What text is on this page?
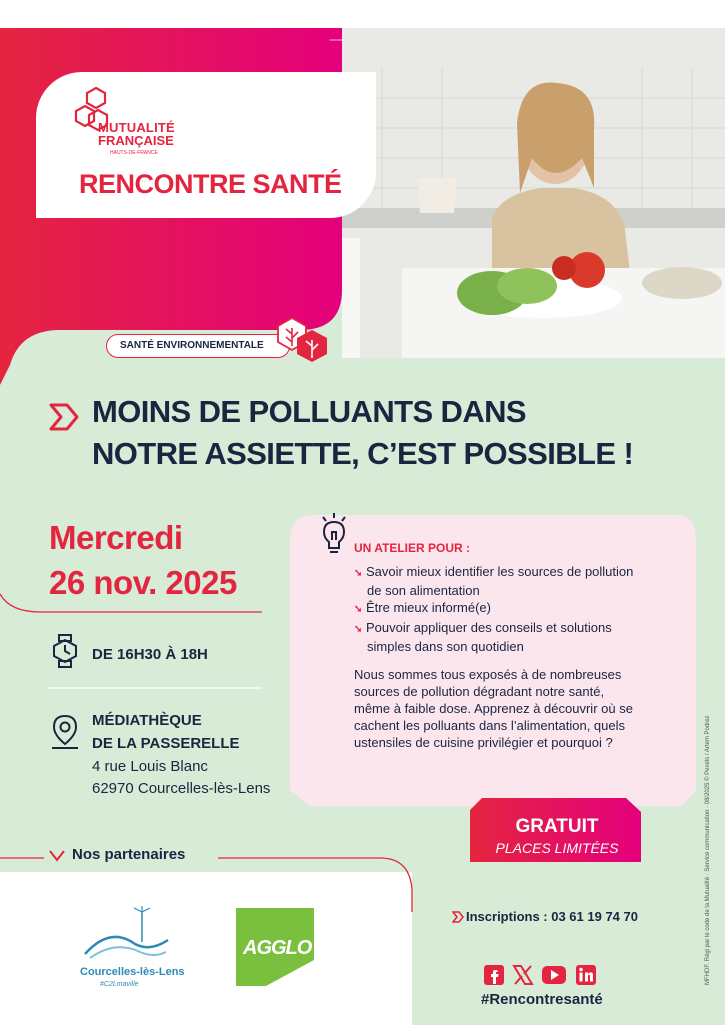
MUTUALITÉ
FRANÇAISE
HAUTS-DE-FRANCE
RENCONTRE SANTÉ
SANTÉ ENVIRONNEMENTALE
MOINS DE POLLUANTS DANS
NOTRE ASSIETTE, C’EST POSSIBLE !
Mercredi
26 nov. 2025
DE 16H30 À 18H
MÉDIATHÈQUE
DE LA PASSERELLE
4 rue Louis Blanc
62970 Courcelles-lès-Lens
UN ATELIER POUR :
➘ Savoir mieux identifier les sources de pollution
de son alimentation
➘ Être mieux informé(e)
➘ Pouvoir appliquer des conseils et solutions
simples dans son quotidien
Nous sommes tous exposés à de nombreuses
sources de pollution dégradant notre santé,
même à faible dose. Apprenez à découvrir où se
cachent les polluants dans l’alimentation, quels
ustensiles de cuisine privilégier et pourquoi ?
GRATUIT
PLACES LIMITÉES
Nos partenaires
Courcelles-lès-Lens
#C2Lmaville
AGGLO
Inscriptions : 03 61 19 74 70
#Rencontresanté
MFHDF. Régi par le code de la Mutualité · Service communication · 08/2025 © Pexels / Artem Podrez
